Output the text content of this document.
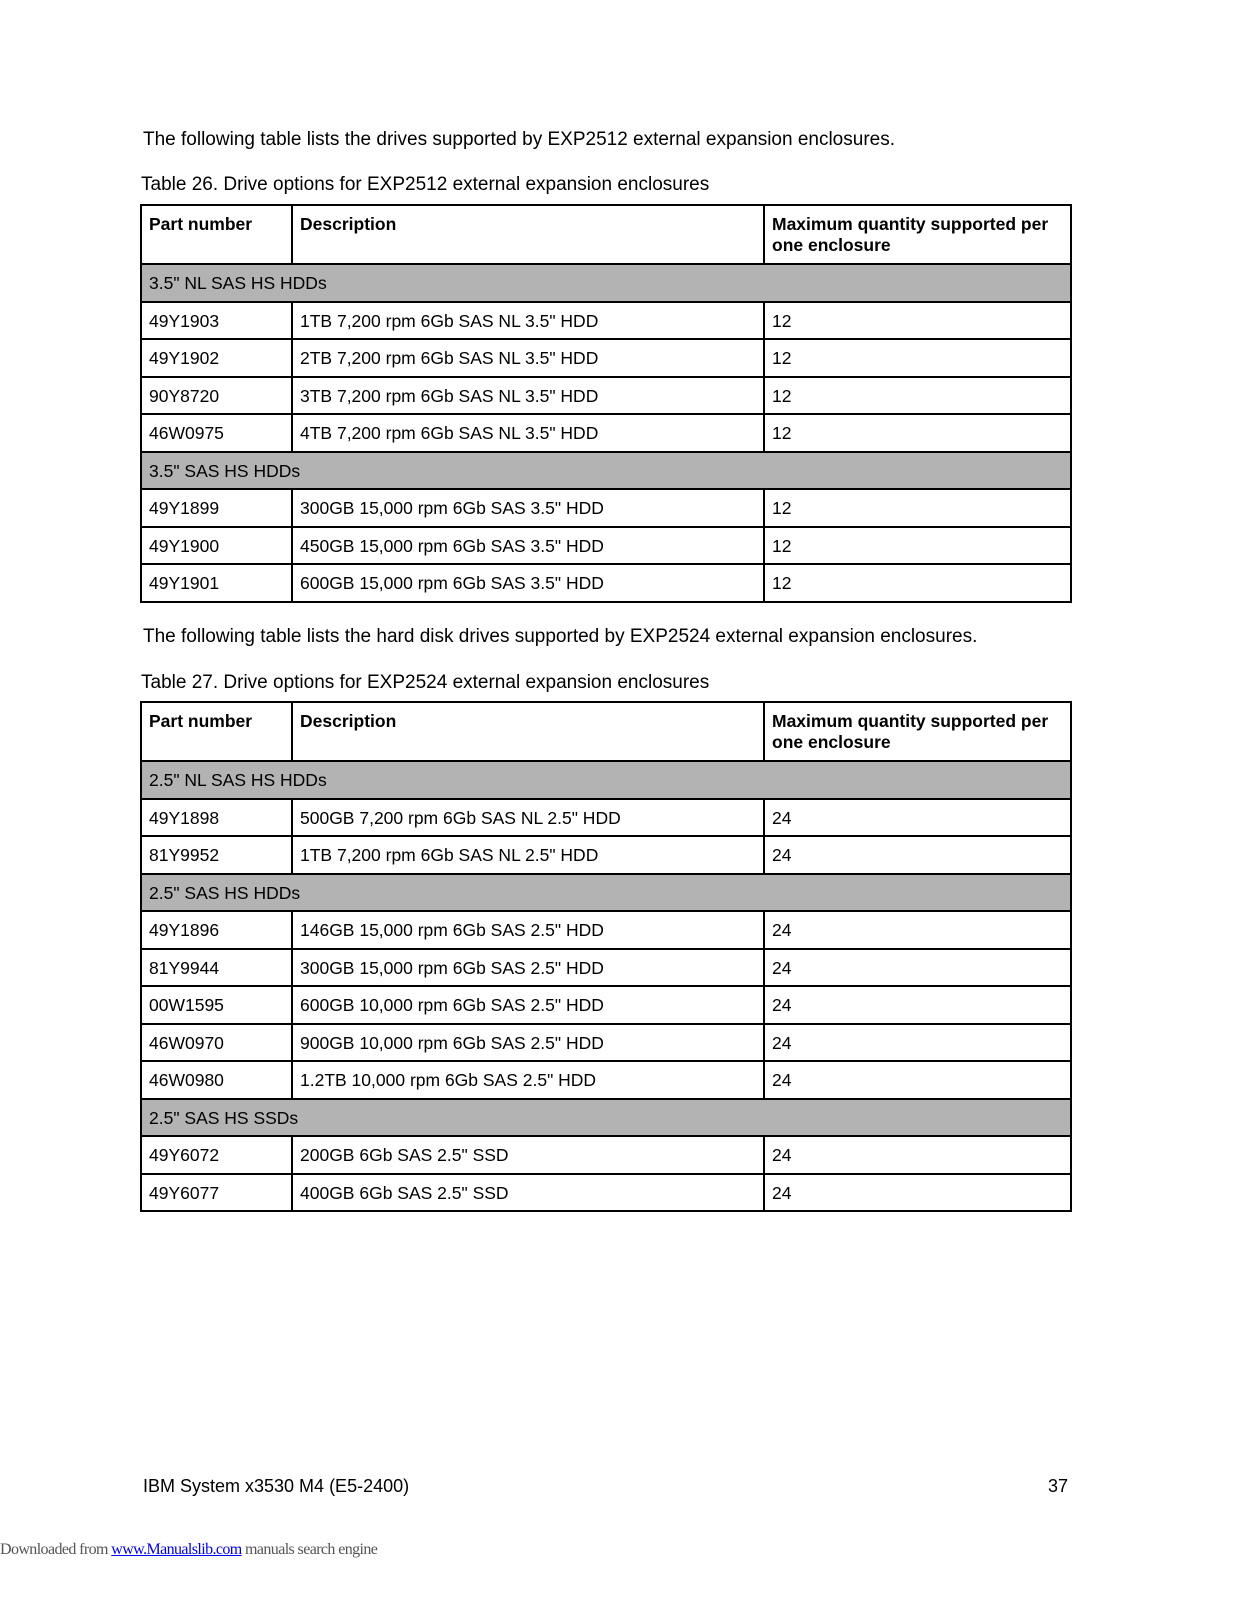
The following table lists the drives supported by EXP2512 external expansion enclosures.

Table 26. Drive options for EXP2512 external expansion enclosures

Part number	Description	Maximum quantity supported per one enclosure
3.5" NL SAS HS HDDs		
49Y1903	1TB 7,200 rpm 6Gb SAS NL 3.5" HDD	12
49Y1902	2TB 7,200 rpm 6Gb SAS NL 3.5" HDD	12
90Y8720	3TB 7,200 rpm 6Gb SAS NL 3.5" HDD	12
46W0975	4TB 7,200 rpm 6Gb SAS NL 3.5" HDD	12
3.5" SAS HS HDDs		
49Y1899	300GB 15,000 rpm 6Gb SAS 3.5" HDD	12
49Y1900	450GB 15,000 rpm 6Gb SAS 3.5" HDD	12
49Y1901	600GB 15,000 rpm 6Gb SAS 3.5" HDD	12

The following table lists the hard disk drives supported by EXP2524 external expansion enclosures.

Table 27. Drive options for EXP2524 external expansion enclosures

Part number	Description	Maximum quantity supported per one enclosure
2.5" NL SAS HS HDDs		
49Y1898	500GB 7,200 rpm 6Gb SAS NL 2.5" HDD	24
81Y9952	1TB 7,200 rpm 6Gb SAS NL 2.5" HDD	24
2.5" SAS HS HDDs		
49Y1896	146GB 15,000 rpm 6Gb SAS 2.5" HDD	24
81Y9944	300GB 15,000 rpm 6Gb SAS 2.5" HDD	24
00W1595	600GB 10,000 rpm 6Gb SAS 2.5" HDD	24
46W0970	900GB 10,000 rpm 6Gb SAS 2.5" HDD	24
46W0980	1.2TB 10,000 rpm 6Gb SAS 2.5" HDD	24
2.5" SAS HS SSDs		
49Y6072	200GB 6Gb SAS 2.5" SSD	24
49Y6077	400GB 6Gb SAS 2.5" SSD	24

IBM System x3530 M4 (E5-2400)	37

Downloaded from www.Manualslib.com manuals search engine
